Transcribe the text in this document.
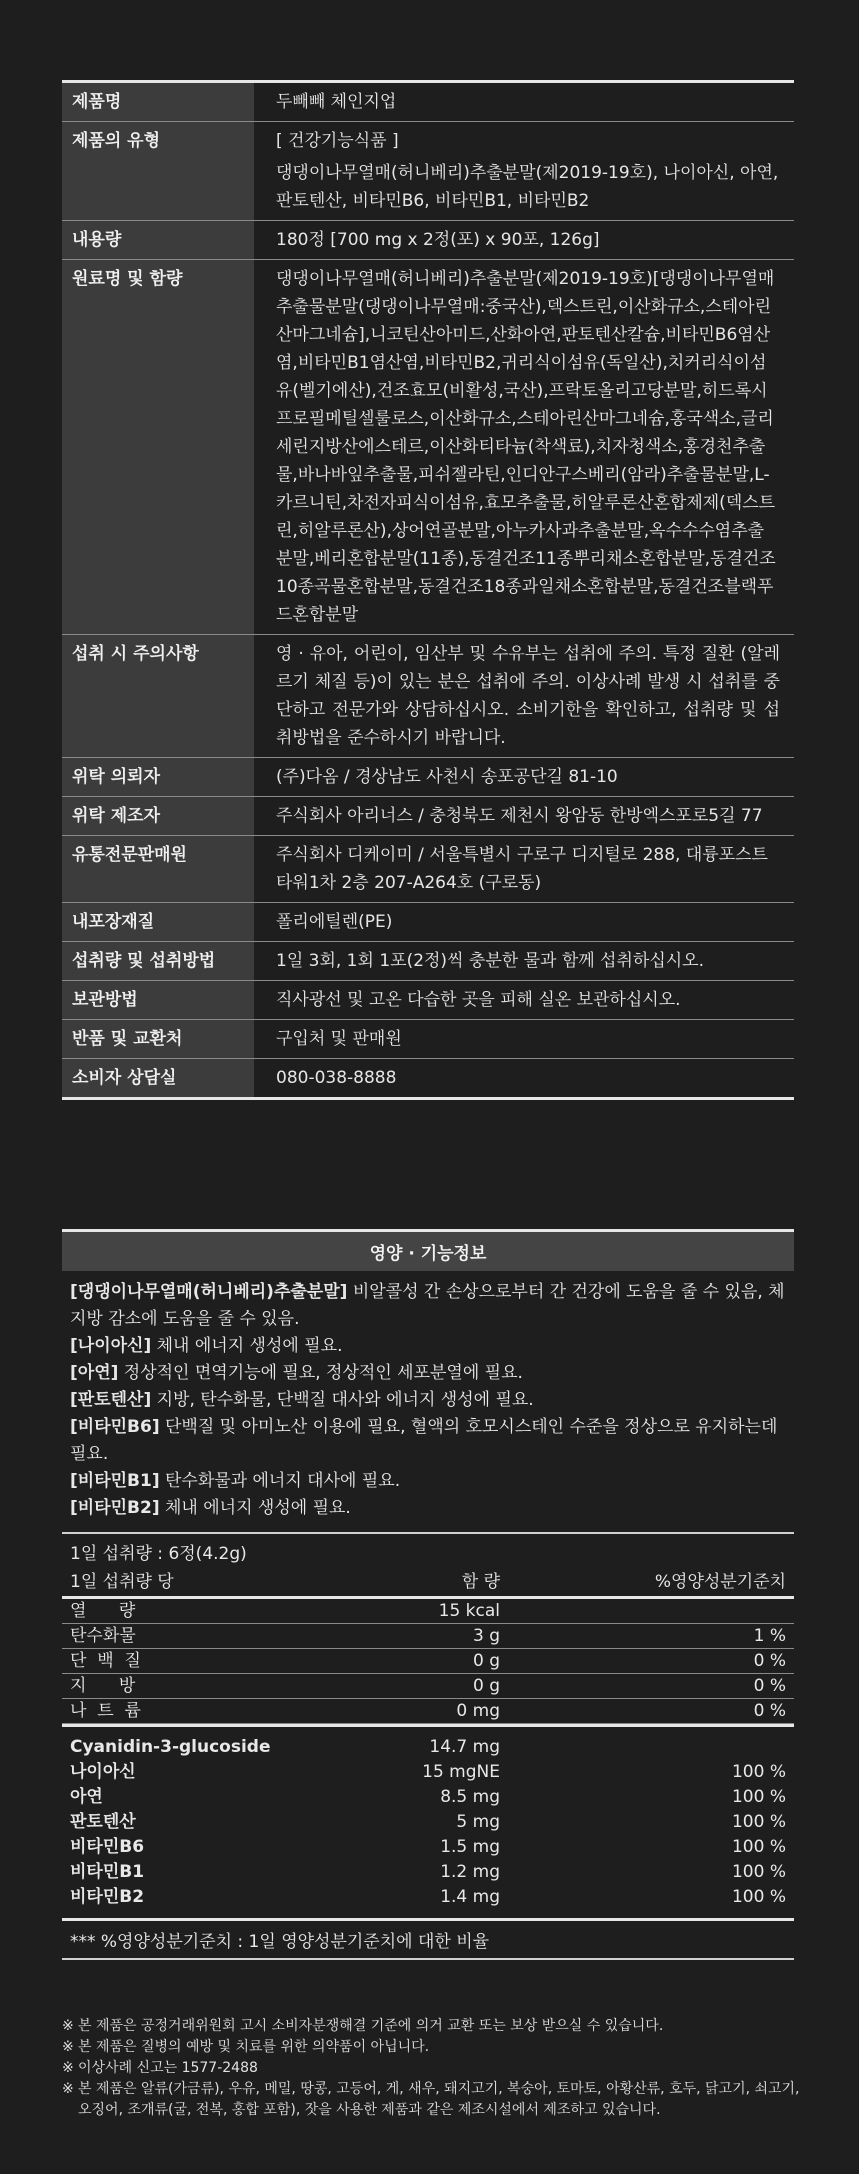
제품명	두빼빼 체인지업
제품의 유형	[ 건강기능식품 ]
댕댕이나무열매(허니베리)추출분말(제2019-19호), 나이아신, 아연, 판토텐산, 비타민B6, 비타민B1, 비타민B2
내용량	180정 [700 mg x 2정(포) x 90포, 126g]
원료명 및 함량	댕댕이나무열매(허니베리)추출분말(제2019-19호)[댕댕이나무열매추출물분말(댕댕이나무열매:중국산),덱스트린,이산화규소,스테아린산마그네슘],니코틴산아미드,산화아연,판토텐산칼슘,비타민B6염산염,비타민B1염산염,비타민B2,귀리식이섬유(독일산),치커리식이섬유(벨기에산),건조효모(비활성,국산),프락토올리고당분말,히드록시프로필메틸셀룰로스,이산화규소,스테아린산마그네슘,홍국색소,글리세린지방산에스테르,이산화티타늄(착색료),치자청색소,홍경천추출물,바나바잎추출물,피쉬젤라틴,인디안구스베리(암라)추출물분말,L-카르니틴,차전자피식이섬유,효모추출물,히알루론산혼합제제(덱스트린,히알루론산),상어연골분말,아누카사과추출분말,옥수수수염추출분말,베리혼합분말(11종),동결건조11종뿌리채소혼합분말,동결건조10종곡물혼합분말,동결건조18종과일채소혼합분말,동결건조블랙푸드혼합분말
섭취 시 주의사항	영 · 유아, 어린이, 임산부 및 수유부는 섭취에 주의. 특정 질환 (알레르기 체질 등)이 있는 분은 섭취에 주의. 이상사례 발생 시 섭취를 중단하고 전문가와 상담하십시오. 소비기한을 확인하고, 섭취량 및 섭취방법을 준수하시기 바랍니다.
위탁 의뢰자	(주)다옴 / 경상남도 사천시 송포공단길 81-10
위탁 제조자	주식회사 아리너스 / 충청북도 제천시 왕암동 한방엑스포로5길 77
유통전문판매원	주식회사 디케이미 / 서울특별시 구로구 디지털로 288, 대륭포스트타워1차 2층 207-A264호 (구로동)
내포장재질	폴리에틸렌(PE)
섭취량 및 섭취방법	1일 3회, 1회 1포(2정)씩 충분한 물과 함께 섭취하십시오.
보관방법	직사광선 및 고온 다습한 곳을 피해 실온 보관하십시오.
반품 및 교환처	구입처 및 판매원
소비자 상담실	080-038-8888
영양 · 기능정보
[댕댕이나무열매(허니베리)추출분말] 비알콜성 간 손상으로부터 간 건강에 도움을 줄 수 있음, 체지방 감소에 도움을 줄 수 있음.
[나이아신] 체내 에너지 생성에 필요.
[아연] 정상적인 면역기능에 필요, 정상적인 세포분열에 필요.
[판토텐산] 지방, 탄수화물, 단백질 대사와 에너지 생성에 필요.
[비타민B6] 단백질 및 아미노산 이용에 필요, 혈액의 호모시스테인 수준을 정상으로 유지하는데 필요.
[비타민B1] 탄수화물과 에너지 대사에 필요.
[비타민B2] 체내 에너지 생성에 필요.
1일 섭취량 : 6정(4.2g)
1일 섭취량 당	함 량	%영양성분기준치
열      량	15 kcal
탄수화물	3 g	1 %
단  백  질	0 g	0 %
지      방	0 g	0 %
나  트  륨	0 mg	0 %
Cyanidin-3-glucoside	14.7 mg
나이아신	15 mgNE	100 %
아연	8.5 mg	100 %
판토텐산	5 mg	100 %
비타민B6	1.5 mg	100 %
비타민B1	1.2 mg	100 %
비타민B2	1.4 mg	100 %
*** %영양성분기준치 : 1일 영양성분기준치에 대한 비율
※ 본 제품은 공정거래위원회 고시 소비자분쟁해결 기준에 의거 교환 또는 보상 받으실 수 있습니다.
※ 본 제품은 질병의 예방 및 치료를 위한 의약품이 아닙니다.
※ 이상사례 신고는 1577-2488
※ 본 제품은 알류(가금류), 우유, 메밀, 땅콩, 고등어, 게, 새우, 돼지고기, 복숭아, 토마토, 아황산류, 호두, 닭고기, 쇠고기, 오징어, 조개류(굴, 전복, 홍합 포함), 잣을 사용한 제품과 같은 제조시설에서 제조하고 있습니다.
